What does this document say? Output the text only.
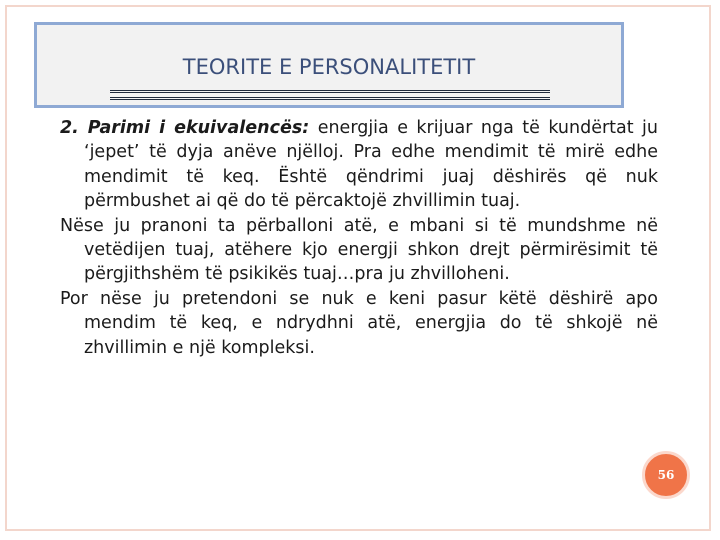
TEORITE E PERSONALITETIT

2. Parimi i ekuivalencës: energjia e krijuar nga të kundërtat ju ‘jepet’ të dyja anëve njëlloj. Pra edhe mendimit të mirë edhe mendimit të keq. Është qëndrimi juaj dëshirës që nuk përmbushet ai që do të përcaktojë zhvillimin tuaj.

Nëse ju pranoni ta përballoni atë, e mbani si të mundshme në vetëdijen tuaj, atëhere kjo energji shkon drejt përmirësimit të përgjithshëm të psikikës tuaj…pra ju zhvilloheni.

Por nëse ju pretendoni se nuk e keni pasur këtë dëshirë apo mendim të keq, e ndrydhni atë, energjia do të shkojë në zhvillimin e një kompleksi.

56
